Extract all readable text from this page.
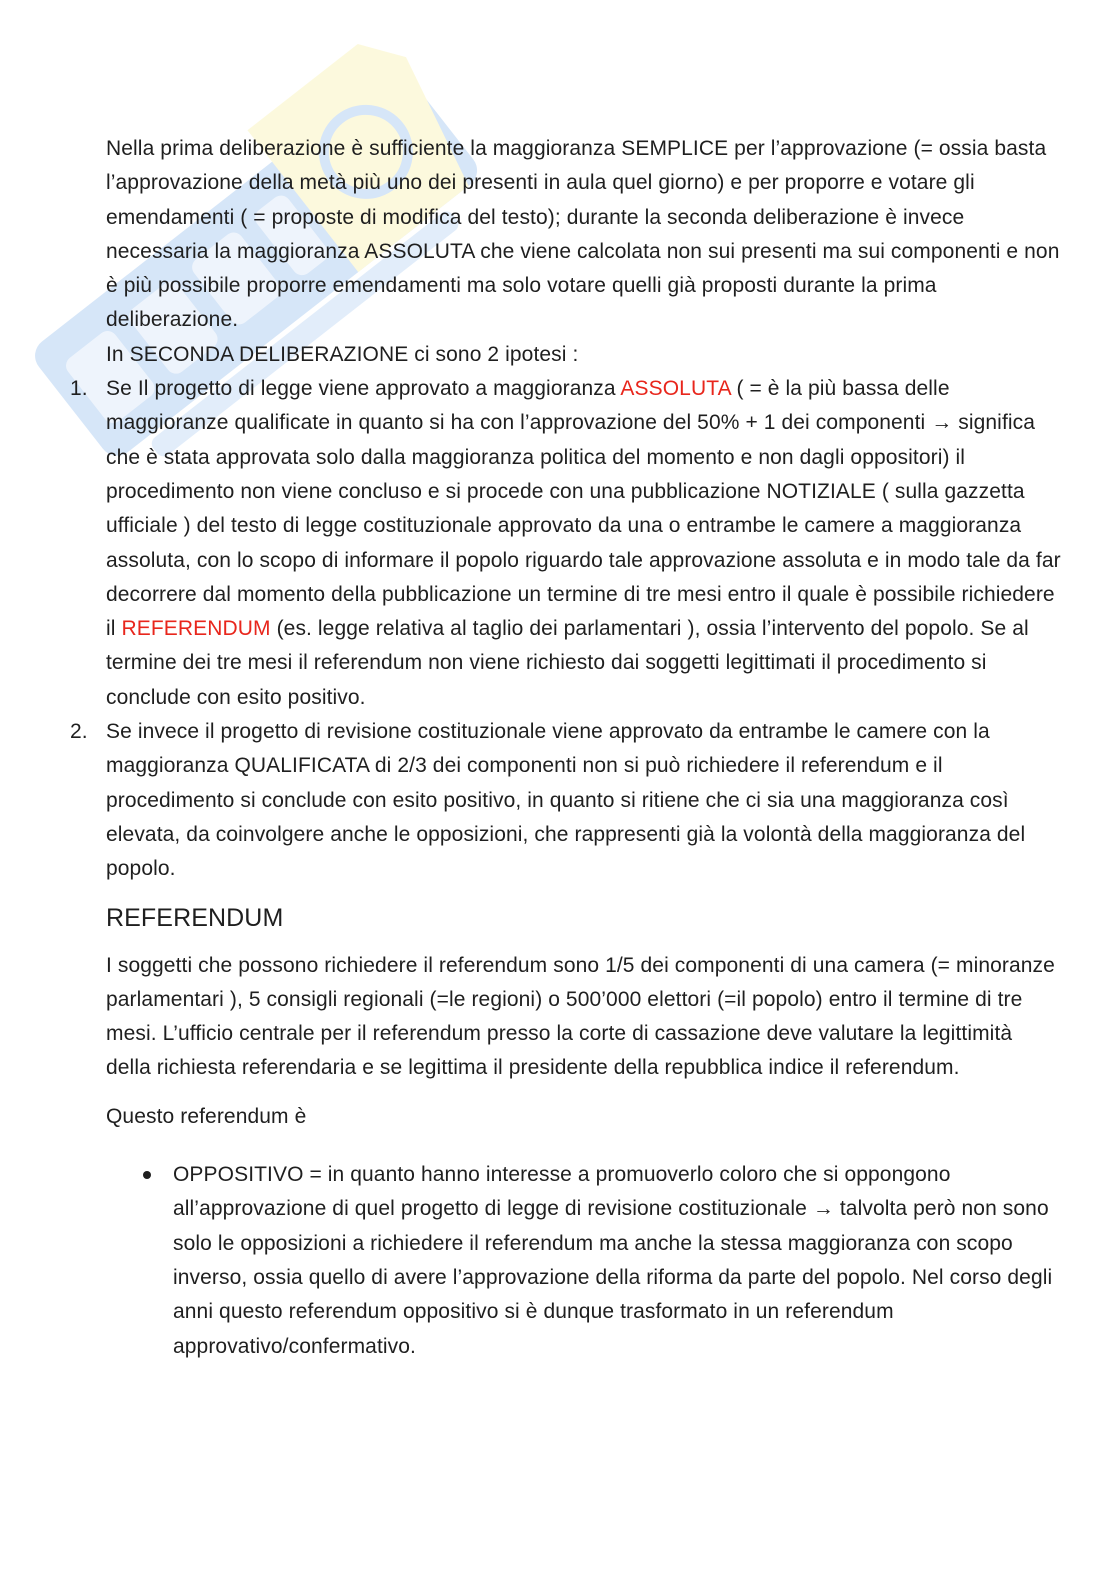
Nella prima deliberazione è sufficiente la maggioranza SEMPLICE per l’approvazione (= ossia basta l’approvazione della metà più uno dei presenti in aula quel giorno) e per proporre e votare gli emendamenti ( = proposte di modifica del testo); durante la seconda deliberazione è invece necessaria la maggioranza ASSOLUTA che viene calcolata non sui presenti ma sui componenti e non è più possibile proporre emendamenti ma solo votare quelli già proposti durante la prima deliberazione.

In SECONDA DELIBERAZIONE ci sono 2 ipotesi :

1. Se Il progetto di legge viene approvato a maggioranza ASSOLUTA ( = è la più bassa delle maggioranze qualificate in quanto si ha con l’approvazione del 50% + 1 dei componenti → significa che è stata approvata solo dalla maggioranza politica del momento e non dagli oppositori) il procedimento non viene concluso e si procede con una pubblicazione NOTIZIALE ( sulla gazzetta ufficiale ) del testo di legge costituzionale approvato da una o entrambe le camere a maggioranza assoluta, con lo scopo di informare il popolo riguardo tale approvazione assoluta e in modo tale da far decorrere dal momento della pubblicazione un termine di tre mesi entro il quale è possibile richiedere il REFERENDUM (es. legge relativa al taglio dei parlamentari ), ossia l’intervento del popolo. Se al termine dei tre mesi il referendum non viene richiesto dai soggetti legittimati il procedimento si conclude con esito positivo.
2. Se invece il progetto di revisione costituzionale viene approvato da entrambe le camere con la maggioranza QUALIFICATA di 2/3 dei componenti non si può richiedere il referendum e il procedimento si conclude con esito positivo, in quanto si ritiene che ci sia una maggioranza così elevata, da coinvolgere anche le opposizioni, che rappresenti già la volontà della maggioranza del popolo.
REFERENDUM

I soggetti che possono richiedere il referendum sono 1/5 dei componenti di una camera (= minoranze parlamentari ), 5 consigli regionali (=le regioni) o 500’000 elettori (=il popolo) entro il termine di tre mesi. L’ufficio centrale per il referendum presso la corte di cassazione deve valutare la legittimità della richiesta referendaria e se legittima il presidente della repubblica indice il referendum.

Questo referendum è

OPPOSITIVO = in quanto hanno interesse a promuoverlo coloro che si oppongono all’approvazione di quel progetto di legge di revisione costituzionale → talvolta però non sono solo le opposizioni a richiedere il referendum ma anche la stessa maggioranza con scopo inverso, ossia quello di avere l’approvazione della riforma da parte del popolo. Nel corso degli anni questo referendum oppositivo si è dunque trasformato in un referendum approvativo/confermativo.
